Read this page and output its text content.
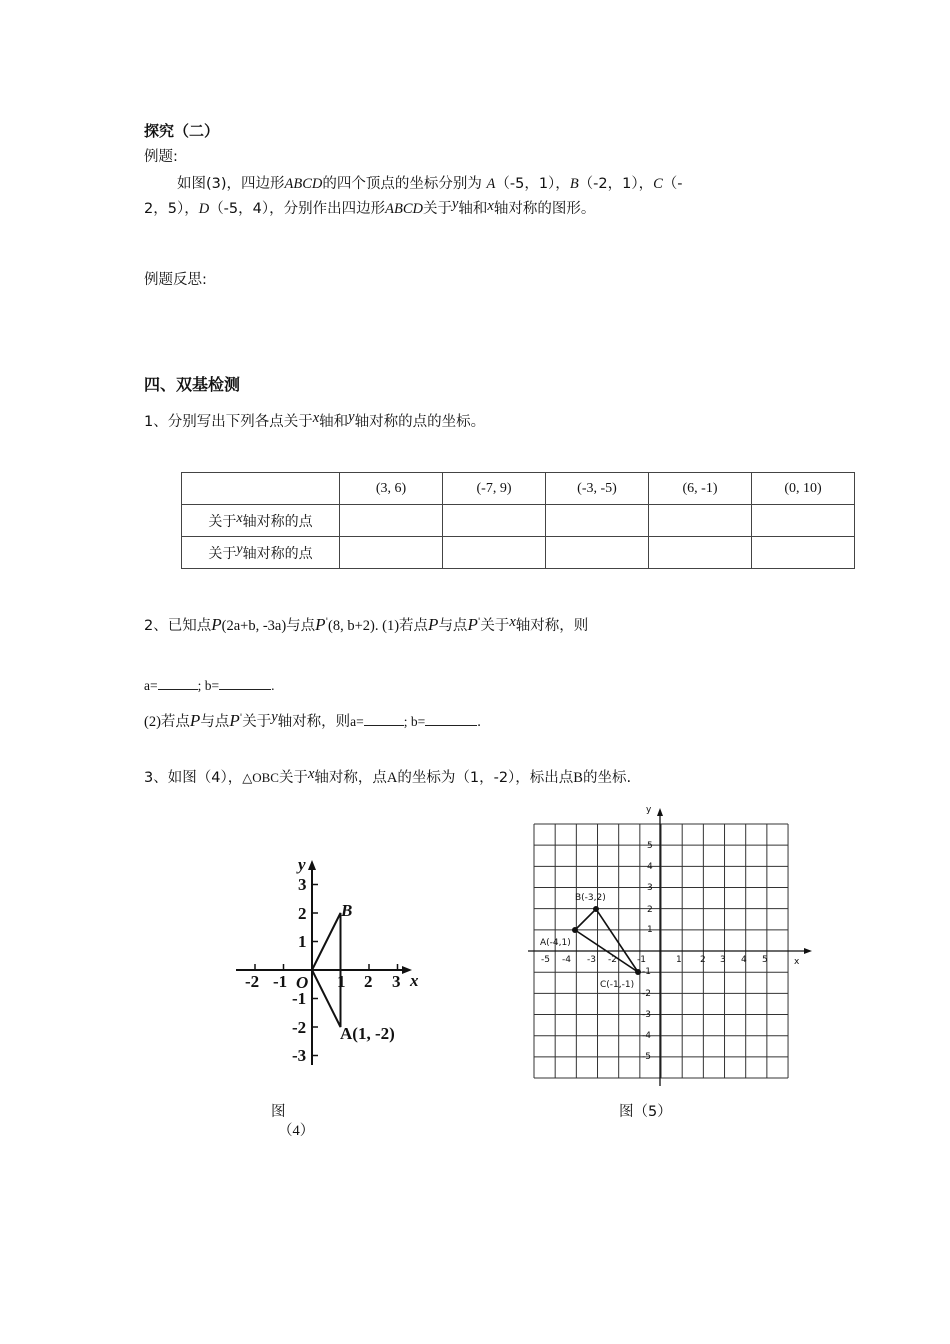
探究（二）
例题:
如图(3)，四边形ABCD的四个顶点的坐标分别为 A（-5，1），B（-2，1），C（-
2，5），D（-5，4），分别作出四边形ABCD关于y轴和x轴对称的图形。
例题反思:
四、双基检测
1、分别写出下列各点关于x轴和y轴对称的点的坐标。
	(3, 6)	(-7, 9)	(-3, -5)	(6, -1)	(0, 10)
关于x轴对称的点					
关于y轴对称的点					
2、已知点P(2a+b, -3a)与点P'(8, b+2). (1)若点P与点P'关于x轴对称，则
a=	; b=	.
(2)若点P与点P'关于y轴对称，则a=	; b=	.
3、如图（4），△OBC关于x轴对称，点A的坐标为（1，-2），标出点B的坐标.
y
x
O
-2 -1	1 2 3
3
2
1
-1
-2
-3
B
A(1, -2)
图
（4）
y
x
-5 -4 -3 -2 -1	1 2 3 4 5
5
4
3
2
1
-1
-2
-3
-4
-5
A(-4,1)
B(-3,2)
C(-1,-1)
图（5）
